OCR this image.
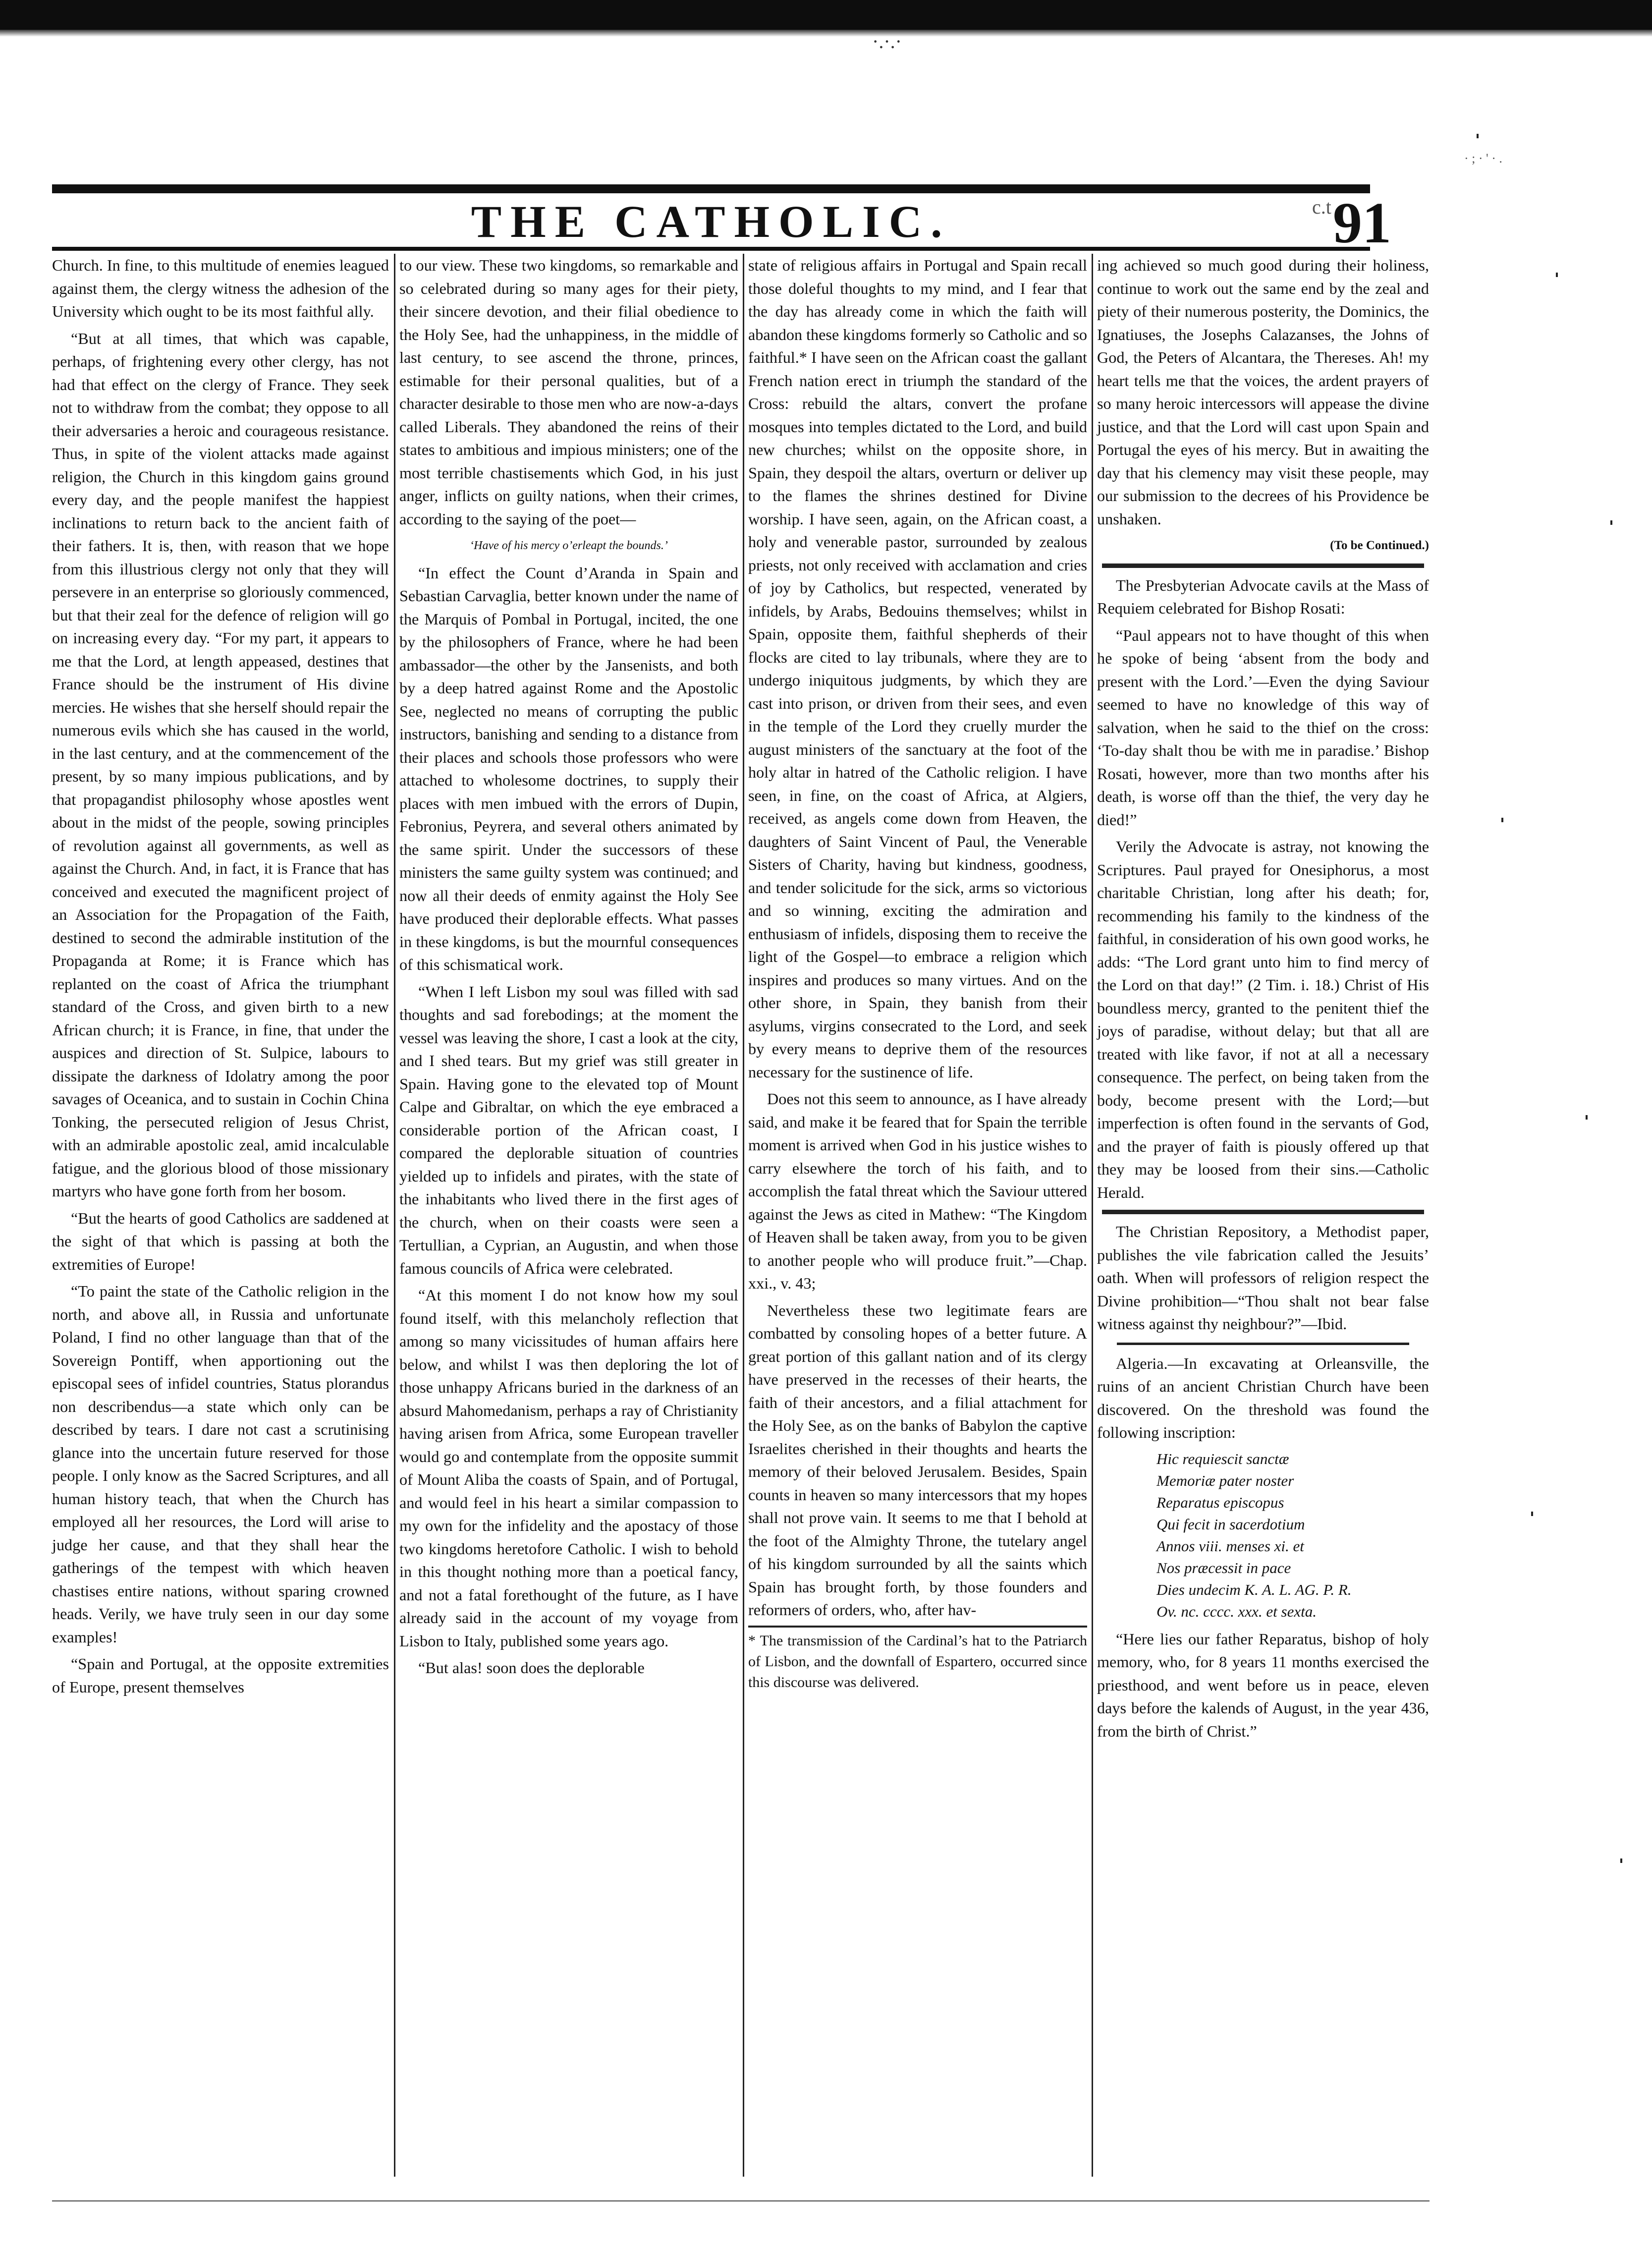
·.·.·
THE CATHOLIC.	c.t 91

Church. In fine, to this multitude of enemies leagued against them, the clergy witness the adhesion of the University which ought to be its most faithful ally.

“But at all times, that which was capable, perhaps, of frightening every other clergy, has not had that effect on the clergy of France. They seek not to withdraw from the combat; they oppose to all their adversaries a heroic and courageous resistance. Thus, in spite of the violent attacks made against religion, the Church in this kingdom gains ground every day, and the people manifest the happiest inclinations to return back to the ancient faith of their fathers. It is, then, with reason that we hope from this illustrious clergy not only that they will persevere in an enterprise so gloriously commenced, but that their zeal for the defence of religion will go on increasing every day. “For my part, it appears to me that the Lord, at length appeased, destines that France should be the instrument of His divine mercies. He wishes that she herself should repair the numerous evils which she has caused in the world, in the last century, and at the commencement of the present, by so many impious publications, and by that propagandist philosophy whose apostles went about in the midst of the people, sowing principles of revolution against all governments, as well as against the Church. And, in fact, it is France that has conceived and executed the magnificent project of an Association for the Propagation of the Faith, destined to second the admirable institution of the Propaganda at Rome; it is France which has replanted on the coast of Africa the triumphant standard of the Cross, and given birth to a new African church; it is France, in fine, that under the auspices and direction of St. Sulpice, labours to dissipate the darkness of Idolatry among the poor savages of Oceanica, and to sustain in Cochin China Tonking, the persecuted religion of Jesus Christ, with an admirable apostolic zeal, amid incalculable fatigue, and the glorious blood of those missionary martyrs who have gone forth from her bosom.

“But the hearts of good Catholics are saddened at the sight of that which is passing at both the extremities of Europe!

“To paint the state of the Catholic religion in the north, and above all, in Russia and unfortunate Poland, I find no other language than that of the Sovereign Pontiff, when apportioning out the episcopal sees of infidel countries, Status plorandus non describendus—a state which only can be described by tears. I dare not cast a scrutinising glance into the uncertain future reserved for those people. I only know as the Sacred Scriptures, and all human history teach, that when the Church has employed all her resources, the Lord will arise to judge her cause, and that they shall hear the gatherings of the tempest with which heaven chastises entire nations, without sparing crowned heads. Verily, we have truly seen in our day some examples!

“Spain and Portugal, at the opposite extremities of Europe, present themselves

to our view. These two kingdoms, so remarkable and so celebrated during so many ages for their piety, their sincere devotion, and their filial obedience to the Holy See, had the unhappiness, in the middle of last century, to see ascend the throne, princes, estimable for their personal qualities, but of a character desirable to those men who are now-a-days called Liberals. They abandoned the reins of their states to ambitious and impious ministers; one of the most terrible chastisements which God, in his just anger, inflicts on guilty nations, when their crimes, according to the saying of the poet—

‘Have of his mercy o’erleapt the bounds.’

“In effect the Count d’Aranda in Spain and Sebastian Carvaglia, better known under the name of the Marquis of Pombal in Portugal, incited, the one by the philosophers of France, where he had been ambassador—the other by the Jansenists, and both by a deep hatred against Rome and the Apostolic See, neglected no means of corrupting the public instructors, banishing and sending to a distance from their places and schools those professors who were attached to wholesome doctrines, to supply their places with men imbued with the errors of Dupin, Febronius, Peyrera, and several others animated by the same spirit. Under the successors of these ministers the same guilty system was continued; and now all their deeds of enmity against the Holy See have produced their deplorable effects. What passes in these kingdoms, is but the mournful consequences of this schismatical work.

“When I left Lisbon my soul was filled with sad thoughts and sad forebodings; at the moment the vessel was leaving the shore, I cast a look at the city, and I shed tears. But my grief was still greater in Spain. Having gone to the elevated top of Mount Calpe and Gibraltar, on which the eye embraced a considerable portion of the African coast, I compared the deplorable situation of countries yielded up to infidels and pirates, with the state of the inhabitants who lived there in the first ages of the church, when on their coasts were seen a Tertullian, a Cyprian, an Augustin, and when those famous councils of Africa were celebrated.

“At this moment I do not know how my soul found itself, with this melancholy reflection that among so many vicissitudes of human affairs here below, and whilst I was then deploring the lot of those unhappy Africans buried in the darkness of an absurd Mahomedanism, perhaps a ray of Christianity having arisen from Africa, some European traveller would go and contemplate from the opposite summit of Mount Aliba the coasts of Spain, and of Portugal, and would feel in his heart a similar compassion to my own for the infidelity and the apostacy of those two kingdoms heretofore Catholic. I wish to behold in this thought nothing more than a poetical fancy, and not a fatal forethought of the future, as I have already said in the account of my voyage from Lisbon to Italy, published some years ago.

“But alas! soon does the deplorable

state of religious affairs in Portugal and Spain recall those doleful thoughts to my mind, and I fear that the day has already come in which the faith will abandon these kingdoms formerly so Catholic and so faithful.* I have seen on the African coast the gallant French nation erect in triumph the standard of the Cross: rebuild the altars, convert the profane mosques into temples dictated to the Lord, and build new churches; whilst on the opposite shore, in Spain, they despoil the altars, overturn or deliver up to the flames the shrines destined for Divine worship. I have seen, again, on the African coast, a holy and venerable pastor, surrounded by zealous priests, not only received with acclamation and cries of joy by Catholics, but respected, venerated by infidels, by Arabs, Bedouins themselves; whilst in Spain, opposite them, faithful shepherds of their flocks are cited to lay tribunals, where they are to undergo iniquitous judgments, by which they are cast into prison, or driven from their sees, and even in the temple of the Lord they cruelly murder the august ministers of the sanctuary at the foot of the holy altar in hatred of the Catholic religion. I have seen, in fine, on the coast of Africa, at Algiers, received, as angels come down from Heaven, the daughters of Saint Vincent of Paul, the Venerable Sisters of Charity, having but kindness, goodness, and tender solicitude for the sick, arms so victorious and so winning, exciting the admiration and enthusiasm of infidels, disposing them to receive the light of the Gospel—to embrace a religion which inspires and produces so many virtues. And on the other shore, in Spain, they banish from their asylums, virgins consecrated to the Lord, and seek by every means to deprive them of the resources necessary for the sustinence of life.

Does not this seem to announce, as I have already said, and make it be feared that for Spain the terrible moment is arrived when God in his justice wishes to carry elsewhere the torch of his faith, and to accomplish the fatal threat which the Saviour uttered against the Jews as cited in Mathew: “The Kingdom of Heaven shall be taken away, from you to be given to another people who will produce fruit.”—Chap. xxi., v. 43;

Nevertheless these two legitimate fears are combatted by consoling hopes of a better future. A great portion of this gallant nation and of its clergy have preserved in the recesses of their hearts, the faith of their ancestors, and a filial attachment for the Holy See, as on the banks of Babylon the captive Israelites cherished in their thoughts and hearts the memory of their beloved Jerusalem. Besides, Spain counts in heaven so many intercessors that my hopes shall not prove vain. It seems to me that I behold at the foot of the Almighty Throne, the tutelary angel of his kingdom surrounded by all the saints which Spain has brought forth, by those founders and reformers of orders, who, after hav-

* The transmission of the Cardinal’s hat to the Patriarch of Lisbon, and the downfall of Espartero, occurred since this discourse was delivered.

ing achieved so much good during their holiness, continue to work out the same end by the zeal and piety of their numerous posterity, the Dominics, the Ignatiuses, the Josephs Calazanses, the Johns of God, the Peters of Alcantara, the Thereses. Ah! my heart tells me that the voices, the ardent prayers of so many heroic intercessors will appease the divine justice, and that the Lord will cast upon Spain and Portugal the eyes of his mercy. But in awaiting the day that his clemency may visit these people, may our submission to the decrees of his Providence be unshaken.

(To be Continued.)

The Presbyterian Advocate cavils at the Mass of Requiem celebrated for Bishop Rosati:

“Paul appears not to have thought of this when he spoke of being ‘absent from the body and present with the Lord.’—Even the dying Saviour seemed to have no knowledge of this way of salvation, when he said to the thief on the cross: ‘To-day shalt thou be with me in paradise.’ Bishop Rosati, however, more than two months after his death, is worse off than the thief, the very day he died!”

Verily the Advocate is astray, not knowing the Scriptures. Paul prayed for Onesiphorus, a most charitable Christian, long after his death; for, recommending his family to the kindness of the faithful, in consideration of his own good works, he adds: “The Lord grant unto him to find mercy of the Lord on that day!” (2 Tim. i. 18.) Christ of His boundless mercy, granted to the penitent thief the joys of paradise, without delay; but that all are treated with like favor, if not at all a necessary consequence. The perfect, on being taken from the body, become present with the Lord;—but imperfection is often found in the servants of God, and the prayer of faith is piously offered up that they may be loosed from their sins.—Catholic Herald.

The Christian Repository, a Methodist paper, publishes the vile fabrication called the Jesuits’ oath. When will professors of religion respect the Divine prohibition—“Thou shalt not bear false witness against thy neighbour?”—Ibid.

Algeria.—In excavating at Orleansville, the ruins of an ancient Christian Church have been discovered. On the threshold was found the following inscription:

Hic requiescit sanctæ
Memoriæ pater noster
Reparatus episcopus
Qui fecit in sacerdotium
Annos viii. menses xi. et
Nos præcessit in pace
Dies undecim K. A. L. AG. P. R.
Ov. nc. cccc. xxx. et sexta.

“Here lies our father Reparatus, bishop of holy memory, who, for 8 years 11 months exercised the priesthood, and went before us in peace, eleven days before the kalends of August, in the year 436, from the birth of Christ.”

· ; · ' · .
